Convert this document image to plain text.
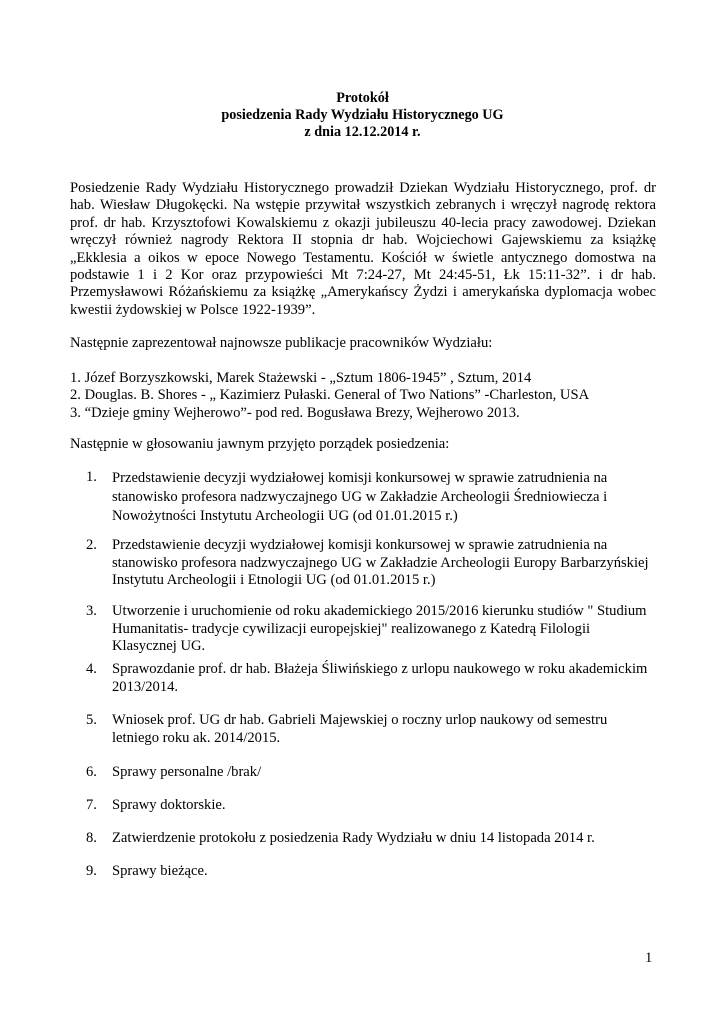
Protokół
posiedzenia Rady Wydziału Historycznego UG
z dnia 12.12.2014 r.
Posiedzenie Rady Wydziału Historycznego prowadził Dziekan Wydziału Historycznego, prof. dr hab. Wiesław Długokęcki. Na wstępie przywitał wszystkich zebranych i wręczył nagrodę rektora prof. dr hab. Krzysztofowi Kowalskiemu z okazji jubileuszu 40-lecia pracy zawodowej. Dziekan wręczył również nagrody Rektora II stopnia dr hab. Wojciechowi Gajewskiemu za książkę „Ekklesia a oikos w epoce Nowego Testamentu. Kościół w świetle antycznego domostwa na podstawie 1 i 2 Kor oraz przypowieści Mt 7:24-27, Mt 24:45-51, Łk 15:11-32”. i dr hab. Przemysławowi Różańskiemu za książkę „Amerykańscy Żydzi i amerykańska dyplomacja wobec kwestii żydowskiej w Polsce 1922-1939”.
Następnie zaprezentował najnowsze publikacje pracowników Wydziału:
1. Józef Borzyszkowski, Marek Stażewski - „Sztum 1806-1945” , Sztum, 2014
2. Douglas. B. Shores - „ Kazimierz Pułaski. General of Two Nations” -Charleston, USA
3. “Dzieje gminy Wejherowo”- pod red. Bogusława Brezy, Wejherowo 2013.
Następnie w głosowaniu jawnym przyjęto porządek posiedzenia:
1.	Przedstawienie decyzji wydziałowej komisji konkursowej w sprawie zatrudnienia na stanowisko profesora nadzwyczajnego UG w Zakładzie Archeologii Średniowiecza i Nowożytności Instytutu Archeologii UG (od 01.01.2015 r.)
2.	Przedstawienie decyzji wydziałowej komisji konkursowej w sprawie zatrudnienia na stanowisko profesora nadzwyczajnego UG w Zakładzie Archeologii Europy Barbarzyńskiej Instytutu Archeologii i Etnologii UG (od 01.01.2015 r.)
3.	Utworzenie i uruchomienie od roku akademickiego 2015/2016 kierunku studiów " Studium Humanitatis- tradycje cywilizacji europejskiej" realizowanego z Katedrą Filologii Klasycznej UG.
4.	Sprawozdanie prof. dr hab. Błażeja Śliwińskiego z urlopu naukowego w roku akademickim 2013/2014.
5.	Wniosek prof. UG dr hab. Gabrieli Majewskiej o roczny urlop naukowy od semestru letniego roku ak. 2014/2015.
6.	Sprawy personalne /brak/
7.	Sprawy doktorskie.
8.	Zatwierdzenie protokołu z posiedzenia Rady Wydziału w dniu 14 listopada 2014 r.
9.	Sprawy bieżące.
1
